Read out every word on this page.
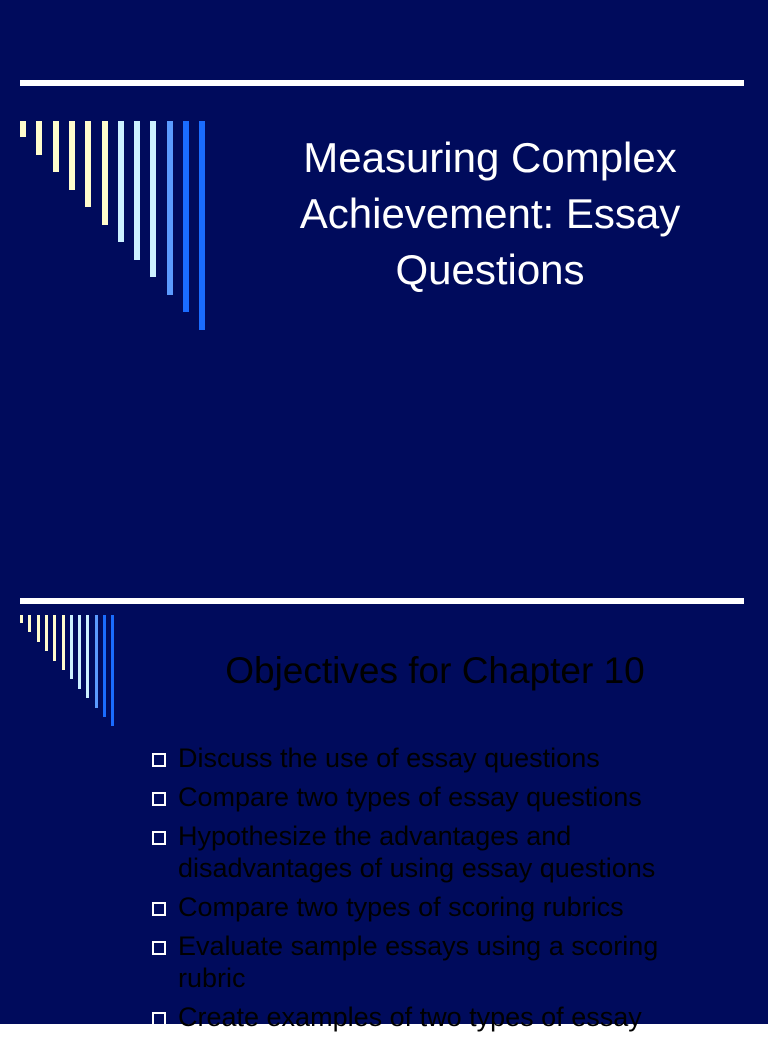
Measuring Complex
Achievement: Essay
Questions
Objectives for Chapter 10
Discuss the use of essay questions
Compare two types of essay questions
Hypothesize the advantages and
disadvantages of using essay questions
Compare two types of scoring rubrics
Evaluate sample essays using a scoring
rubric
Create examples of two types of essay
